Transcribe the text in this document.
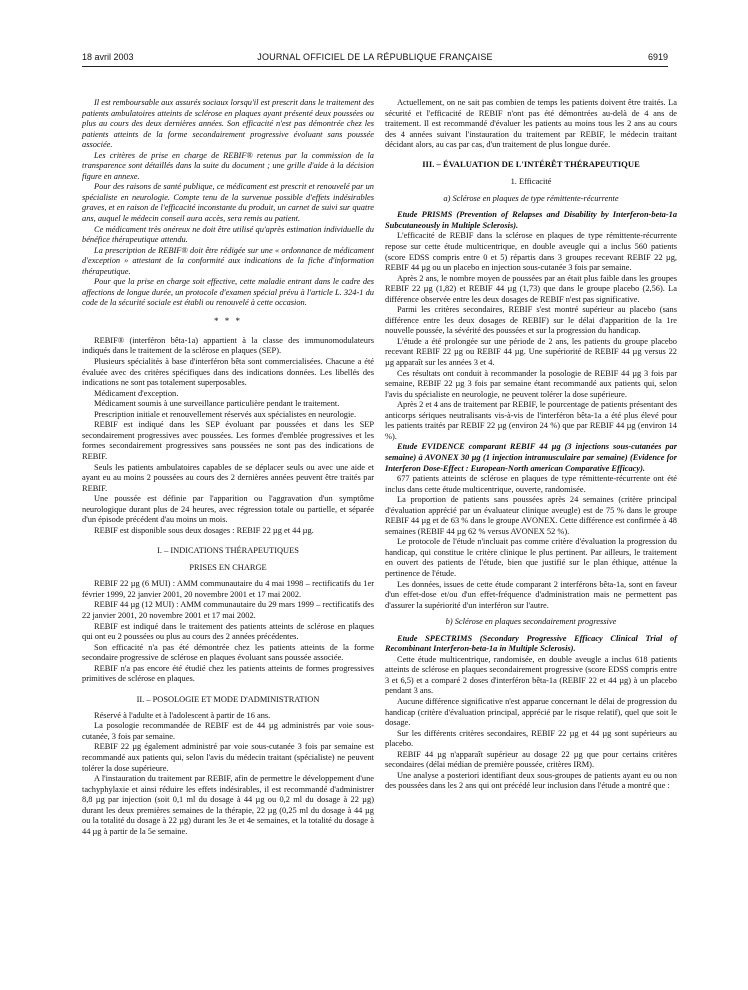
18 avril 2003	JOURNAL OFFICIEL DE LA RÉPUBLIQUE FRANÇAISE	6919

Il est remboursable aux assurés sociaux lorsqu'il est prescrit dans le traitement des patients ambulatoires atteints de sclérose en plaques ayant présenté deux poussées ou plus au cours des deux dernières années. Son efficacité n'est pas démontrée chez les patients atteints de la forme secondairement progressive évoluant sans poussée associée.

Les critères de prise en charge de REBIF® retenus par la commission de la transparence sont détaillés dans la suite du document ; une grille d'aide à la décision figure en annexe.

Pour des raisons de santé publique, ce médicament est prescrit et renouvelé par un spécialiste en neurologie. Compte tenu de la survenue possible d'effets indésirables graves, et en raison de l'efficacité inconstante du produit, un carnet de suivi sur quatre ans, auquel le médecin conseil aura accès, sera remis au patient.

Ce médicament très onéreux ne doit être utilisé qu'après estimation individuelle du bénéfice thérapeutique attendu.

La prescription de REBIF® doit être rédigée sur une « ordonnance de médicament d'exception » attestant de la conformité aux indications de la fiche d'information thérapeutique.

Pour que la prise en charge soit effective, cette maladie entrant dans le cadre des affections de longue durée, un protocole d'examen spécial prévu à l'article L. 324-1 du code de la sécurité sociale est établi ou renouvelé à cette occasion.

* * *

REBIF® (interféron bêta-1a) appartient à la classe des immunomodulateurs indiqués dans le traitement de la sclérose en plaques (SEP).

Plusieurs spécialités à base d'interféron bêta sont commercialisées. Chacune a été évaluée avec des critères spécifiques dans des indications données. Les libellés des indications ne sont pas totalement superposables.

Médicament d'exception.

Médicament soumis à une surveillance particulière pendant le traitement.

Prescription initiale et renouvellement réservés aux spécialistes en neurologie.

REBIF est indiqué dans les SEP évoluant par poussées et dans les SEP secondairement progressives avec poussées. Les formes d'emblée progressives et les formes secondairement progressives sans poussées ne sont pas des indications de REBIF.

Seuls les patients ambulatoires capables de se déplacer seuls ou avec une aide et ayant eu au moins 2 poussées au cours des 2 dernières années peuvent être traités par REBIF.

Une poussée est définie par l'apparition ou l'aggravation d'un symptôme neurologique durant plus de 24 heures, avec régression totale ou partielle, et séparée d'un épisode précédent d'au moins un mois.

REBIF est disponible sous deux dosages : REBIF 22 µg et 44 µg.

I. – INDICATIONS THÉRAPEUTIQUES
PRISES EN CHARGE

REBIF 22 µg (6 MUI) : AMM communautaire du 4 mai 1998 – rectificatifs du 1er février 1999, 22 janvier 2001, 20 novembre 2001 et 17 mai 2002.

REBIF 44 µg (12 MUI) : AMM communautaire du 29 mars 1999 – rectificatifs des 22 janvier 2001, 20 novembre 2001 et 17 mai 2002.

REBIF est indiqué dans le traitement des patients atteints de sclérose en plaques qui ont eu 2 poussées ou plus au cours des 2 années précédentes.

Son efficacité n'a pas été démontrée chez les patients atteints de la forme secondaire progressive de sclérose en plaques évoluant sans poussée associée.

REBIF n'a pas encore été étudié chez les patients atteints de formes progressives primitives de sclérose en plaques.

II. – POSOLOGIE ET MODE D'ADMINISTRATION

Réservé à l'adulte et à l'adolescent à partir de 16 ans.

La posologie recommandée de REBIF est de 44 µg administrés par voie sous-cutanée, 3 fois par semaine.

REBIF 22 µg également administré par voie sous-cutanée 3 fois par semaine est recommandé aux patients qui, selon l'avis du médecin traitant (spécialiste) ne peuvent tolérer la dose supérieure.

A l'instauration du traitement par REBIF, afin de permettre le développement d'une tachyphylaxie et ainsi réduire les effets indésirables, il est recommandé d'administrer 8,8 µg par injection (soit 0,1 ml du dosage à 44 µg ou 0,2 ml du dosage à 22 µg) durant les deux premières semaines de la thérapie, 22 µg (0,25 ml du dosage à 44 µg ou la totalité du dosage à 22 µg) durant les 3e et 4e semaines, et la totalité du dosage à 44 µg à partir de la 5e semaine.

Actuellement, on ne sait pas combien de temps les patients doivent être traités. La sécurité et l'efficacité de REBIF n'ont pas été démontrées au-delà de 4 ans de traitement. Il est recommandé d'évaluer les patients au moins tous les 2 ans au cours des 4 années suivant l'instauration du traitement par REBIF, le médecin traitant décidant alors, au cas par cas, d'un traitement de plus longue durée.

III. – ÉVALUATION DE L'INTÉRÊT THÉRAPEUTIQUE
1. Efficacité
a) Sclérose en plaques de type rémittente-récurrente

Etude PRISMS (Prevention of Relapses and Disability by Interferon-beta-1a Subcutaneously in Multiple Sclerosis).

L'efficacité de REBIF dans la sclérose en plaques de type rémittente-récurrente repose sur cette étude multicentrique, en double aveugle qui a inclus 560 patients (score EDSS compris entre 0 et 5) répartis dans 3 groupes recevant REBIF 22 µg, REBIF 44 µg ou un placebo en injection sous-cutanée 3 fois par semaine.

Après 2 ans, le nombre moyen de poussées par an était plus faible dans les groupes REBIF 22 µg (1,82) et REBIF 44 µg (1,73) que dans le groupe placebo (2,56). La différence observée entre les deux dosages de REBIF n'est pas significative.

Parmi les critères secondaires, REBIF s'est montré supérieur au placebo (sans différence entre les deux dosages de REBIF) sur le délai d'apparition de la 1re nouvelle poussée, la sévérité des poussées et sur la progression du handicap.

L'étude a été prolongée sur une période de 2 ans, les patients du groupe placebo recevant REBIF 22 µg ou REBIF 44 µg. Une supériorité de REBIF 44 µg versus 22 µg apparaît sur les années 3 et 4.

Ces résultats ont conduit à recommander la posologie de REBIF 44 µg 3 fois par semaine, REBIF 22 µg 3 fois par semaine étant recommandé aux patients qui, selon l'avis du spécialiste en neurologie, ne peuvent tolérer la dose supérieure.

Après 2 et 4 ans de traitement par REBIF, le pourcentage de patients présentant des anticorps sériques neutralisants vis-à-vis de l'interféron bêta-1a a été plus élevé pour les patients traités par REBIF 22 µg (environ 24 %) que par REBIF 44 µg (environ 14 %).

Etude EVIDENCE comparant REBIF 44 µg (3 injections sous-cutanées par semaine) à AVONEX 30 µg (1 injection intramusculaire par semaine) (Evidence for Interferon Dose-Effect : European-North american Comparative Efficacy).

677 patients atteints de sclérose en plaques de type rémittente-récurrente ont été inclus dans cette étude multicentrique, ouverte, randomisée.

La proportion de patients sans poussées après 24 semaines (critère principal d'évaluation apprécié par un évaluateur clinique aveugle) est de 75 % dans le groupe REBIF 44 µg et de 63 % dans le groupe AVONEX. Cette différence est confirmée à 48 semaines (REBIF 44 µg 62 % versus AVONEX 52 %).

Le protocole de l'étude n'incluait pas comme critère d'évaluation la progression du handicap, qui constitue le critère clinique le plus pertinent. Par ailleurs, le traitement en ouvert des patients de l'étude, bien que justifié sur le plan éthique, atténue la pertinence de l'étude.

Les données, issues de cette étude comparant 2 interférons bêta-1a, sont en faveur d'un effet-dose et/ou d'un effet-fréquence d'administration mais ne permettent pas d'assurer la supériorité d'un interféron sur l'autre.

b) Sclérose en plaques secondairement progressive

Etude SPECTRIMS (Secondary Progressive Efficacy Clinical Trial of Recombinant Interferon-beta-1a in Multiple Sclerosis).

Cette étude multicentrique, randomisée, en double aveugle a inclus 618 patients atteints de sclérose en plaques secondairement progressive (score EDSS compris entre 3 et 6,5) et a comparé 2 doses d'interféron bêta-1a (REBIF 22 et 44 µg) à un placebo pendant 3 ans.

Aucune différence significative n'est apparue concernant le délai de progression du handicap (critère d'évaluation principal, apprécié par le risque relatif), quel que soit le dosage.

Sur les différents critères secondaires, REBIF 22 µg et 44 µg sont supérieurs au placebo.

REBIF 44 µg n'apparaît supérieur au dosage 22 µg que pour certains critères secondaires (délai médian de première poussée, critères IRM).

Une analyse a posteriori identifiant deux sous-groupes de patients ayant eu ou non des poussées dans les 2 ans qui ont précédé leur inclusion dans l'étude a montré que :
